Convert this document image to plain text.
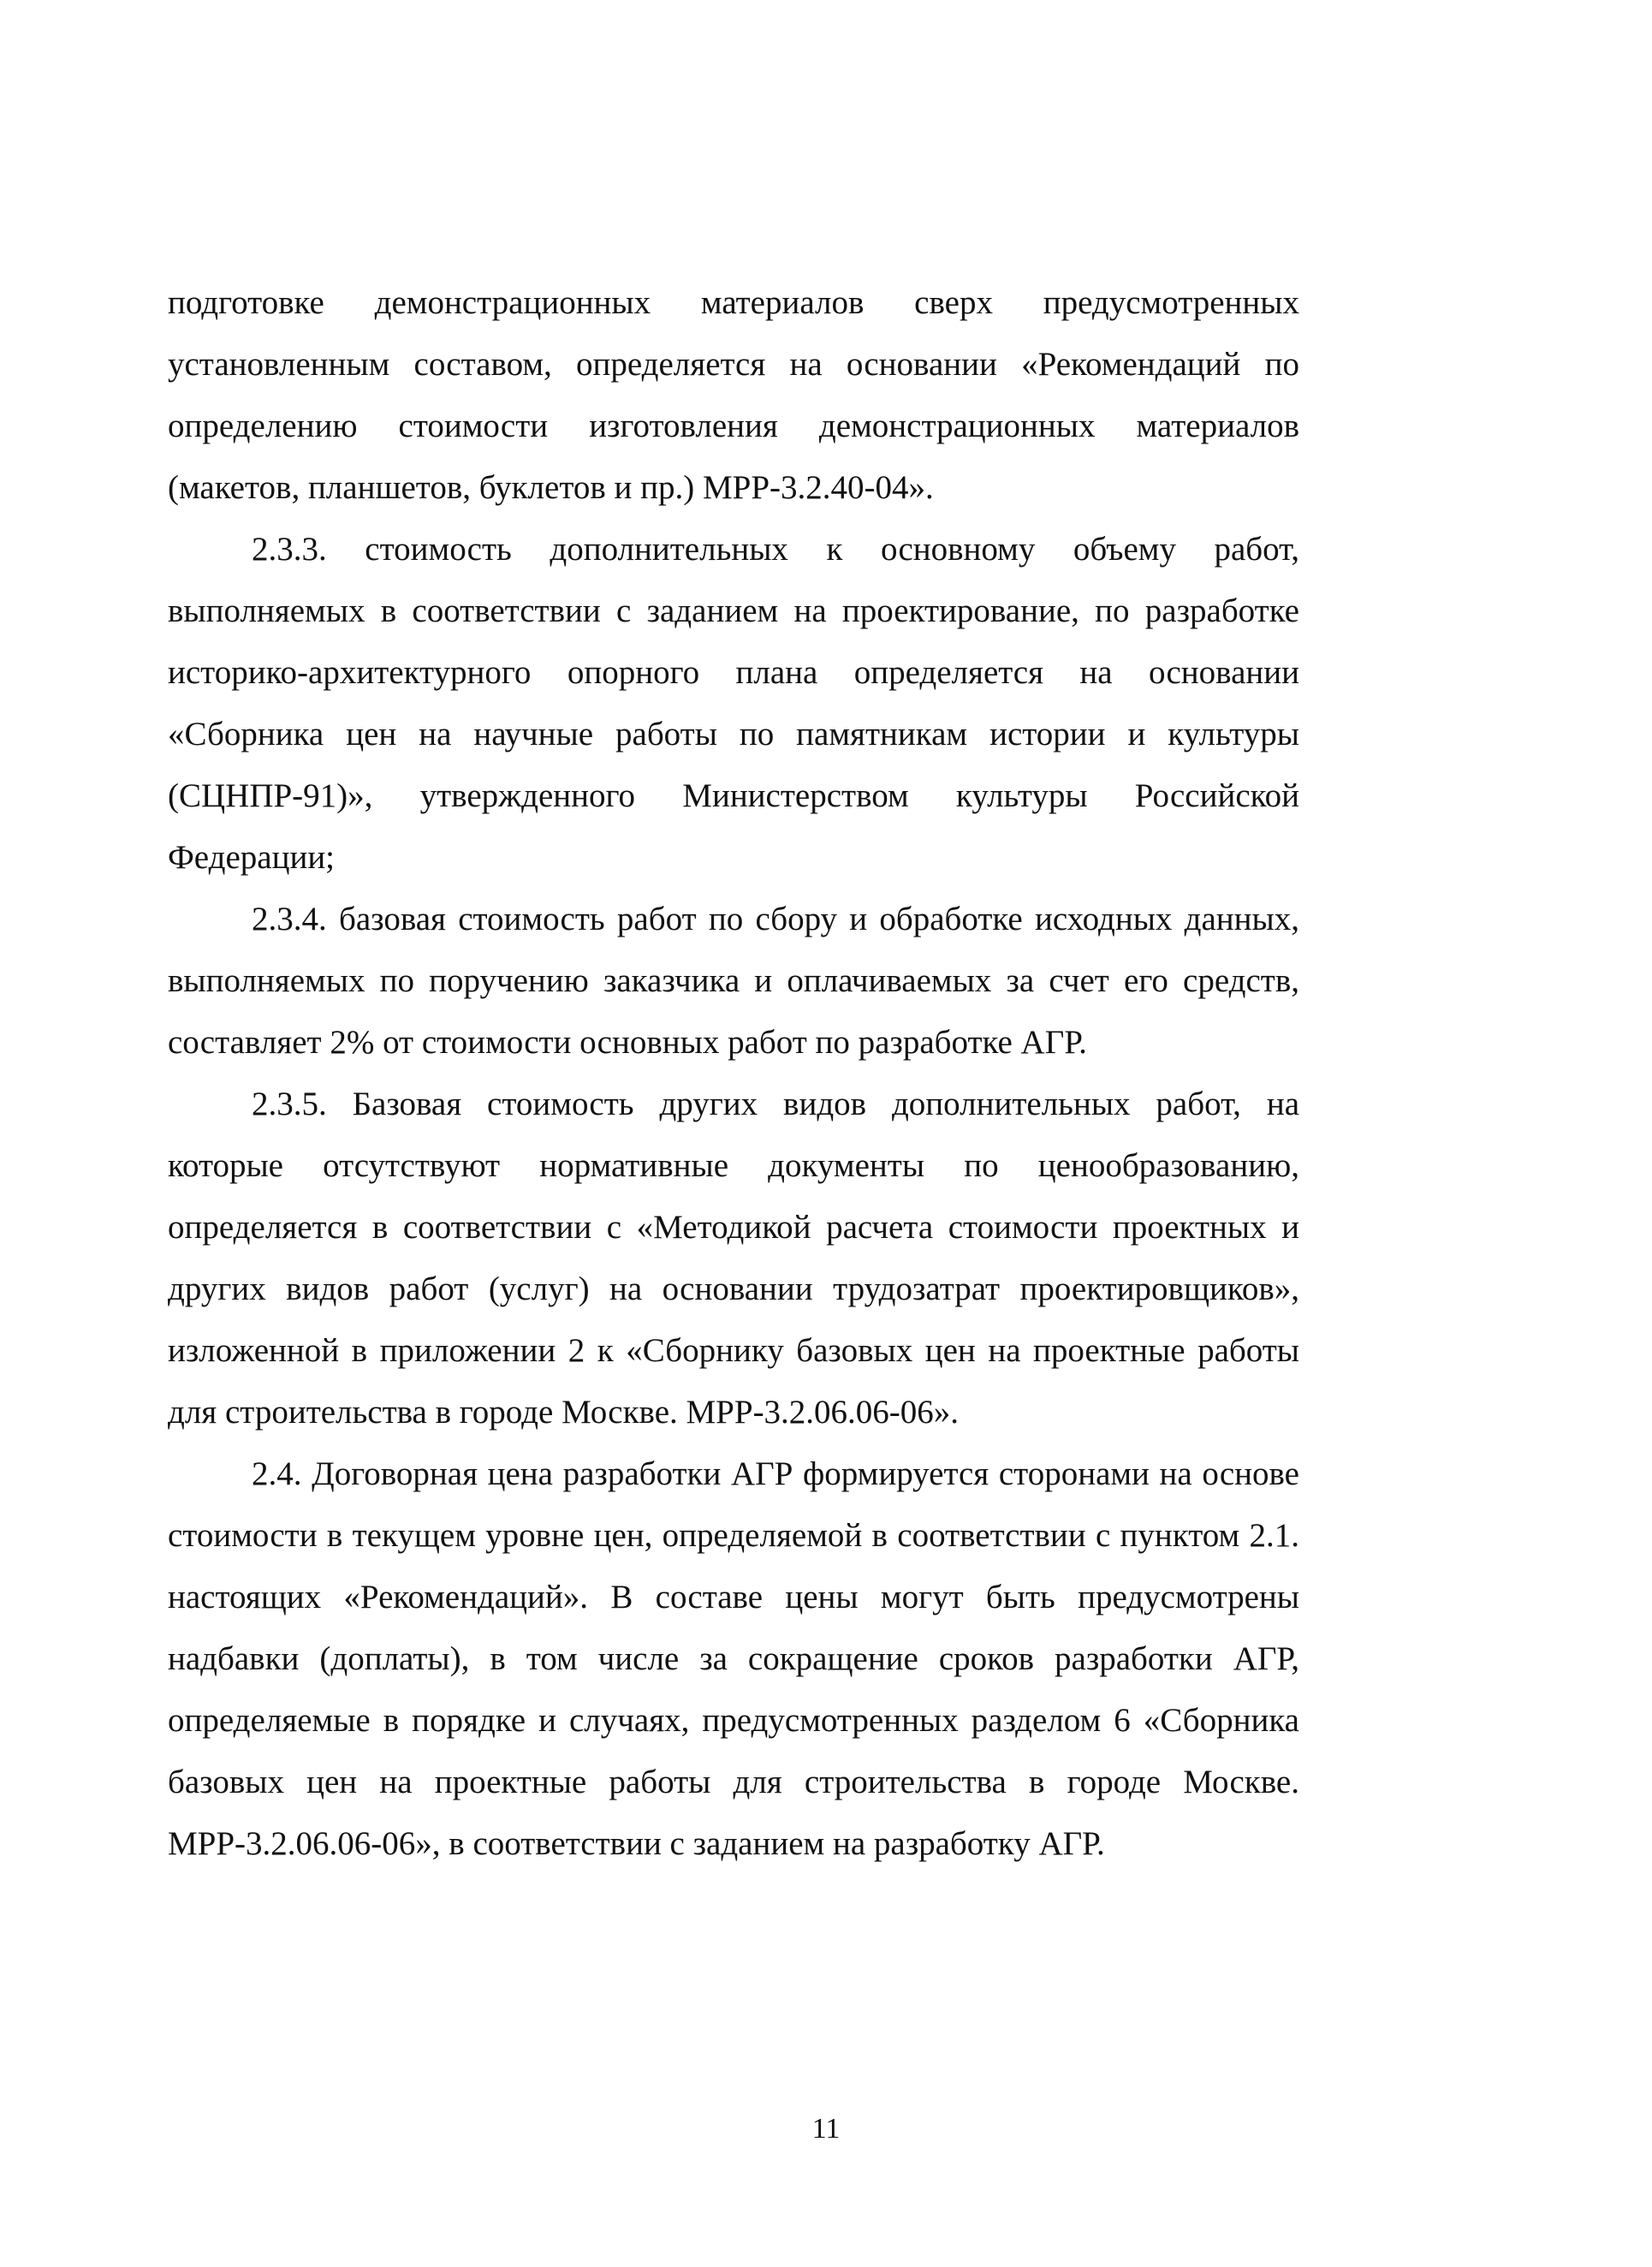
подготовке демонстрационных материалов сверх предусмотренных установленным составом, определяется на основании «Рекомендаций по определению стоимости изготовления демонстрационных материалов (макетов, планшетов, буклетов и пр.) МРР-3.2.40-04».

2.3.3. стоимость дополнительных к основному объему работ, выполняемых в соответствии с заданием на проектирование, по разработке историко-архитектурного опорного плана определяется на основании «Сборника цен на научные работы по памятникам истории и культуры (СЦНПР-91)», утвержденного Министерством культуры Российской Федерации;

2.3.4. базовая стоимость работ по сбору и обработке исходных данных, выполняемых по поручению заказчика и оплачиваемых за счет его средств, составляет 2% от стоимости основных работ по разработке АГР.

2.3.5. Базовая стоимость других видов дополнительных работ, на которые отсутствуют нормативные документы по ценообразованию, определяется в соответствии с «Методикой расчета стоимости проектных и других видов работ (услуг) на основании трудозатрат проектировщиков», изложенной в приложении 2 к «Сборнику базовых цен на проектные работы для строительства в городе Москве. МРР-3.2.06.06-06».

2.4. Договорная цена разработки АГР формируется сторонами на основе стоимости в текущем уровне цен, определяемой в соответствии с пунктом 2.1. настоящих «Рекомендаций». В составе цены могут быть предусмотрены надбавки (доплаты), в том числе за сокращение сроков разработки АГР, определяемые в порядке и случаях, предусмотренных разделом 6 «Сборника базовых цен на проектные работы для строительства в городе Москве. МРР-3.2.06.06-06», в соответствии с заданием на разработку АГР.

11
